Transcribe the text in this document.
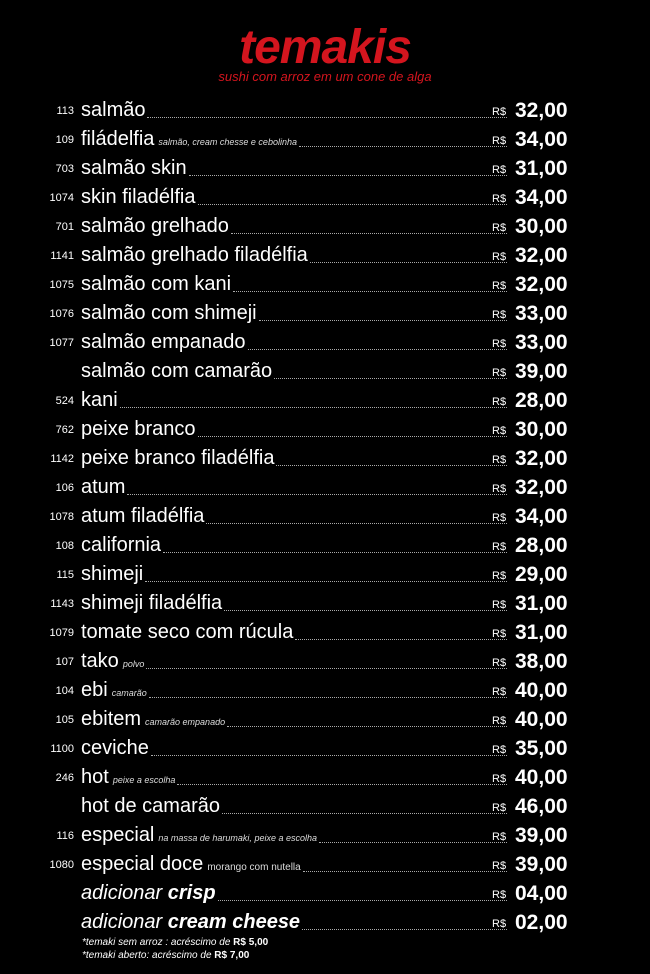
temakis
sushi com arroz em um cone de alga
113 salmão	R$ 32,00
109 filádelfia salmão, cream chesse e cebolinha	R$ 34,00
703 salmão skin	R$ 31,00
1074 skin filadélfia	R$ 34,00
701 salmão grelhado	R$ 30,00
1141 salmão grelhado filadélfia	R$ 32,00
1075 salmão com kani	R$ 32,00
1076 salmão com shimeji	R$ 33,00
1077 salmão empanado	R$ 33,00
salmão com camarão	R$ 39,00
524 kani	R$ 28,00
762 peixe branco	R$ 30,00
1142 peixe branco filadélfia	R$ 32,00
106 atum	R$ 32,00
1078 atum filadélfia	R$ 34,00
108 california	R$ 28,00
115 shimeji	R$ 29,00
1143 shimeji filadélfia	R$ 31,00
1079 tomate seco com rúcula	R$ 31,00
107 tako polvo	R$ 38,00
104 ebi camarão	R$ 40,00
105 ebitem camarão empanado	R$ 40,00
1100 ceviche	R$ 35,00
246 hot peixe a escolha	R$ 40,00
hot de camarão	R$ 46,00
116 especial na massa de harumaki, peixe a escolha	R$ 39,00
1080 especial doce morango com nutella	R$ 39,00
adicionar crisp	R$ 04,00
adicionar cream cheese	R$ 02,00
*temaki sem arroz : acréscimo de R$ 5,00
*temaki aberto: acréscimo de R$ 7,00
